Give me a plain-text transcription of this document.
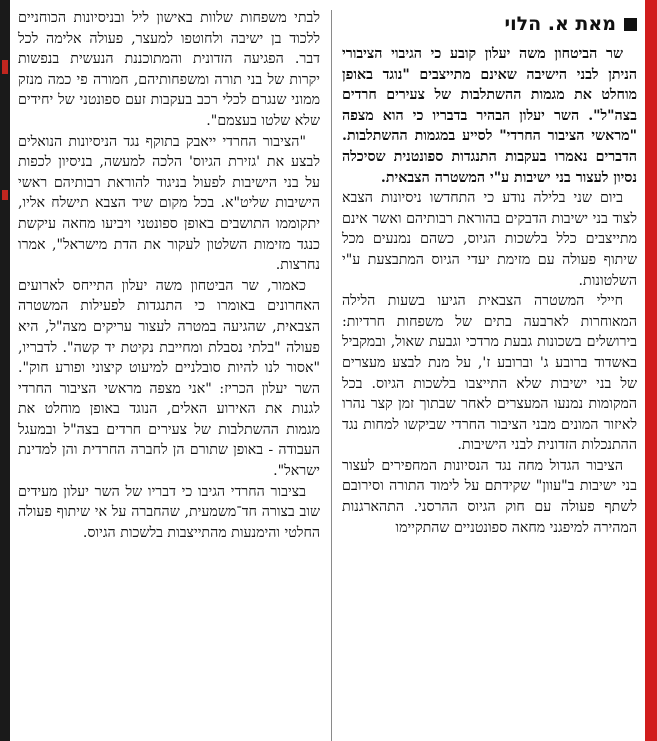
מאת א. הלוי

שר הביטחון משה יעלון קובע כי הגיבוי הציבורי הניתן לבני הישיבה שאינם מתייצבים "נוגד באופן מוחלט את מגמות ההשתלבות של צעירים חרדים בצה"ל". השר יעלון הבהיר בדבריו כי הוא מצפה "מראשי הציבור החרדי" לסייע במגמות ההשתלבות. הדברים נאמרו בעקבות התנגדות ספונטנית שסיכלה נסיון לעצור בני ישיבות ע"י המשטרה הצבאית.

ביום שני בלילה נודע כי התחדשו ניסיונות הצבא לצוד בני ישיבות הדבקים בהוראת רבותיהם ואשר אינם מתייצבים כלל בלשכות הגיוס, כשהם נמנעים מכל שיתוף פעולה עם מזימת יעדי הגיוס המתבצעת ע"י השלטונות.

חיילי המשטרה הצבאית הגיעו בשעות הלילה המאוחרות לארבעה בתים של משפחות חרדיות: בירושלים בשכונות גבעת מרדכי וגבעת שאול, ובמקביל באשדוד ברובע ג' וברובע ז', על מנת לבצע מעצרים של בני ישיבות שלא התייצבו בלשכות הגיוס. בכל המקומות נמנעו המעצרים לאחר שבתוך זמן קצר נהרו לאיזור המונים מבני הציבור החרדי שביקשו למחות נגד ההתנכלות הזדונית לבני הישיבות.

הציבור הגדול מחה נגד הנסיונות המחפירים לעצור בני ישיבות ב"עוון" שקידתם על לימוד התורה וסירובם לשתף פעולה עם חוק הגיוס ההרסני. התהארגנות המהירה למיפגני מחאה ספונטניים שהתקיימו

לבתי משפחות שלוות באישון ליל ובניסיונות הכוחניים ללכוד בן ישיבה ולחוטפו למעצר, פעולה אלימה לכל דבר. הפגיעה הזדונית והמתוכננת הנעשית בנפשות יקרות של בני תורה ומשפחותיהם, חמורה פי כמה מנזק ממוני שנגרם לכלי רכב בעקבות זעם ספונטני של יחידים שלא שלטו בעצמם".

"הציבור החרדי ייאבק בתוקף נגד הניסיונות הנואלים לבצע את 'גזירת הגיוס' הלכה למעשה, בניסיון לכפות על בני הישיבות לפעול בניגוד להוראת רבותיהם ראשי הישיבות שליט"א. בכל מקום שיד הצבא תישלח אליו, יתקוממו התושבים באופן ספונטני ויביעו מחאה עיקשת כנגד מזימות השלטון לעקור את הדת מישראל", אמרו נחרצות.

כאמור, שר הביטחון משה יעלון התייחס לארועים האחרונים באומרו כי התנגדות לפעילות המשטרה הצבאית, שהגיעה במטרה לעצור עריקים מצה"ל, היא פעולה "בלתי נסבלת ומחייבת נקיטת יד קשה". לדבריו, "אסור לנו להיות סובלניים למיעוט קיצוני ופורע חוק". השר יעלון הכריז: "אני מצפה מראשי הציבור החרדי לגנות את האירוע האלים, הנוגד באופן מוחלט את מגמות ההשתלבות של צעירים חרדים בצה"ל ובמעגל העבודה - באופן שתורם הן לחברה החרדית והן למדינת ישראל".

בציבור החרדי הגיבו כי דבריו של השר יעלון מעידים שוב בצורה חד־משמעית, שהחברה על אי שיתוף פעולה החלטי והימנעות מהתייצבות בלשכות הגיוס.
